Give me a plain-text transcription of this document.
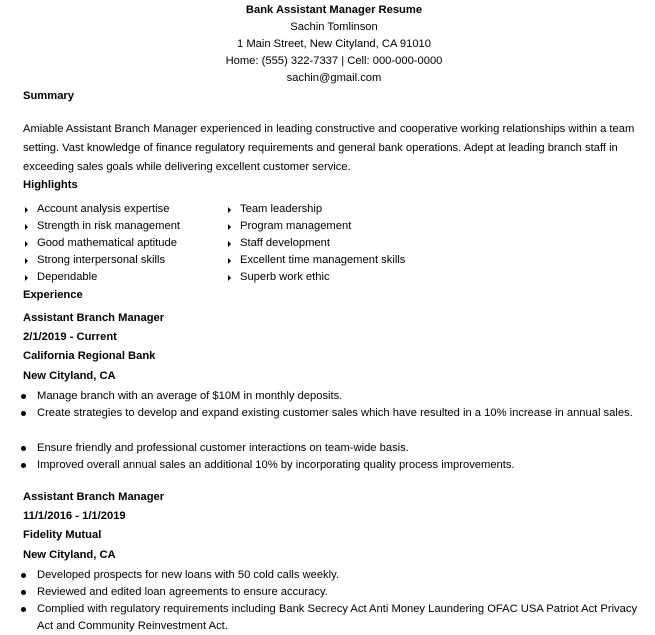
Bank Assistant Manager Resume
Sachin Tomlinson
1 Main Street, New Cityland, CA 91010
Home: (555) 322-7337 | Cell: 000-000-0000
sachin@gmail.com
Summary
Amiable Assistant Branch Manager experienced in leading constructive and cooperative working relationships within a team setting. Vast knowledge of finance regulatory requirements and general bank operations. Adept at leading branch staff in exceeding sales goals while delivering excellent customer service.
Highlights
Account analysis expertise
Strength in risk management
Good mathematical aptitude
Strong interpersonal skills
Dependable
Team leadership
Program management
Staff development
Excellent time management skills
Superb work ethic
Experience
Assistant Branch Manager
2/1/2019 - Current
California Regional Bank
New Cityland, CA
Manage branch with an average of $10M in monthly deposits.
Create strategies to develop and expand existing customer sales which have resulted in a 10% increase in annual sales.
Ensure friendly and professional customer interactions on team-wide basis.
Improved overall annual sales an additional 10% by incorporating quality process improvements.
Assistant Branch Manager
11/1/2016 - 1/1/2019
Fidelity Mutual
New Cityland, CA
Developed prospects for new loans with 50 cold calls weekly.
Reviewed and edited loan agreements to ensure accuracy.
Complied with regulatory requirements including Bank Secrecy Act Anti Money Laundering OFAC USA Patriot Act Privacy Act and Community Reinvestment Act.
